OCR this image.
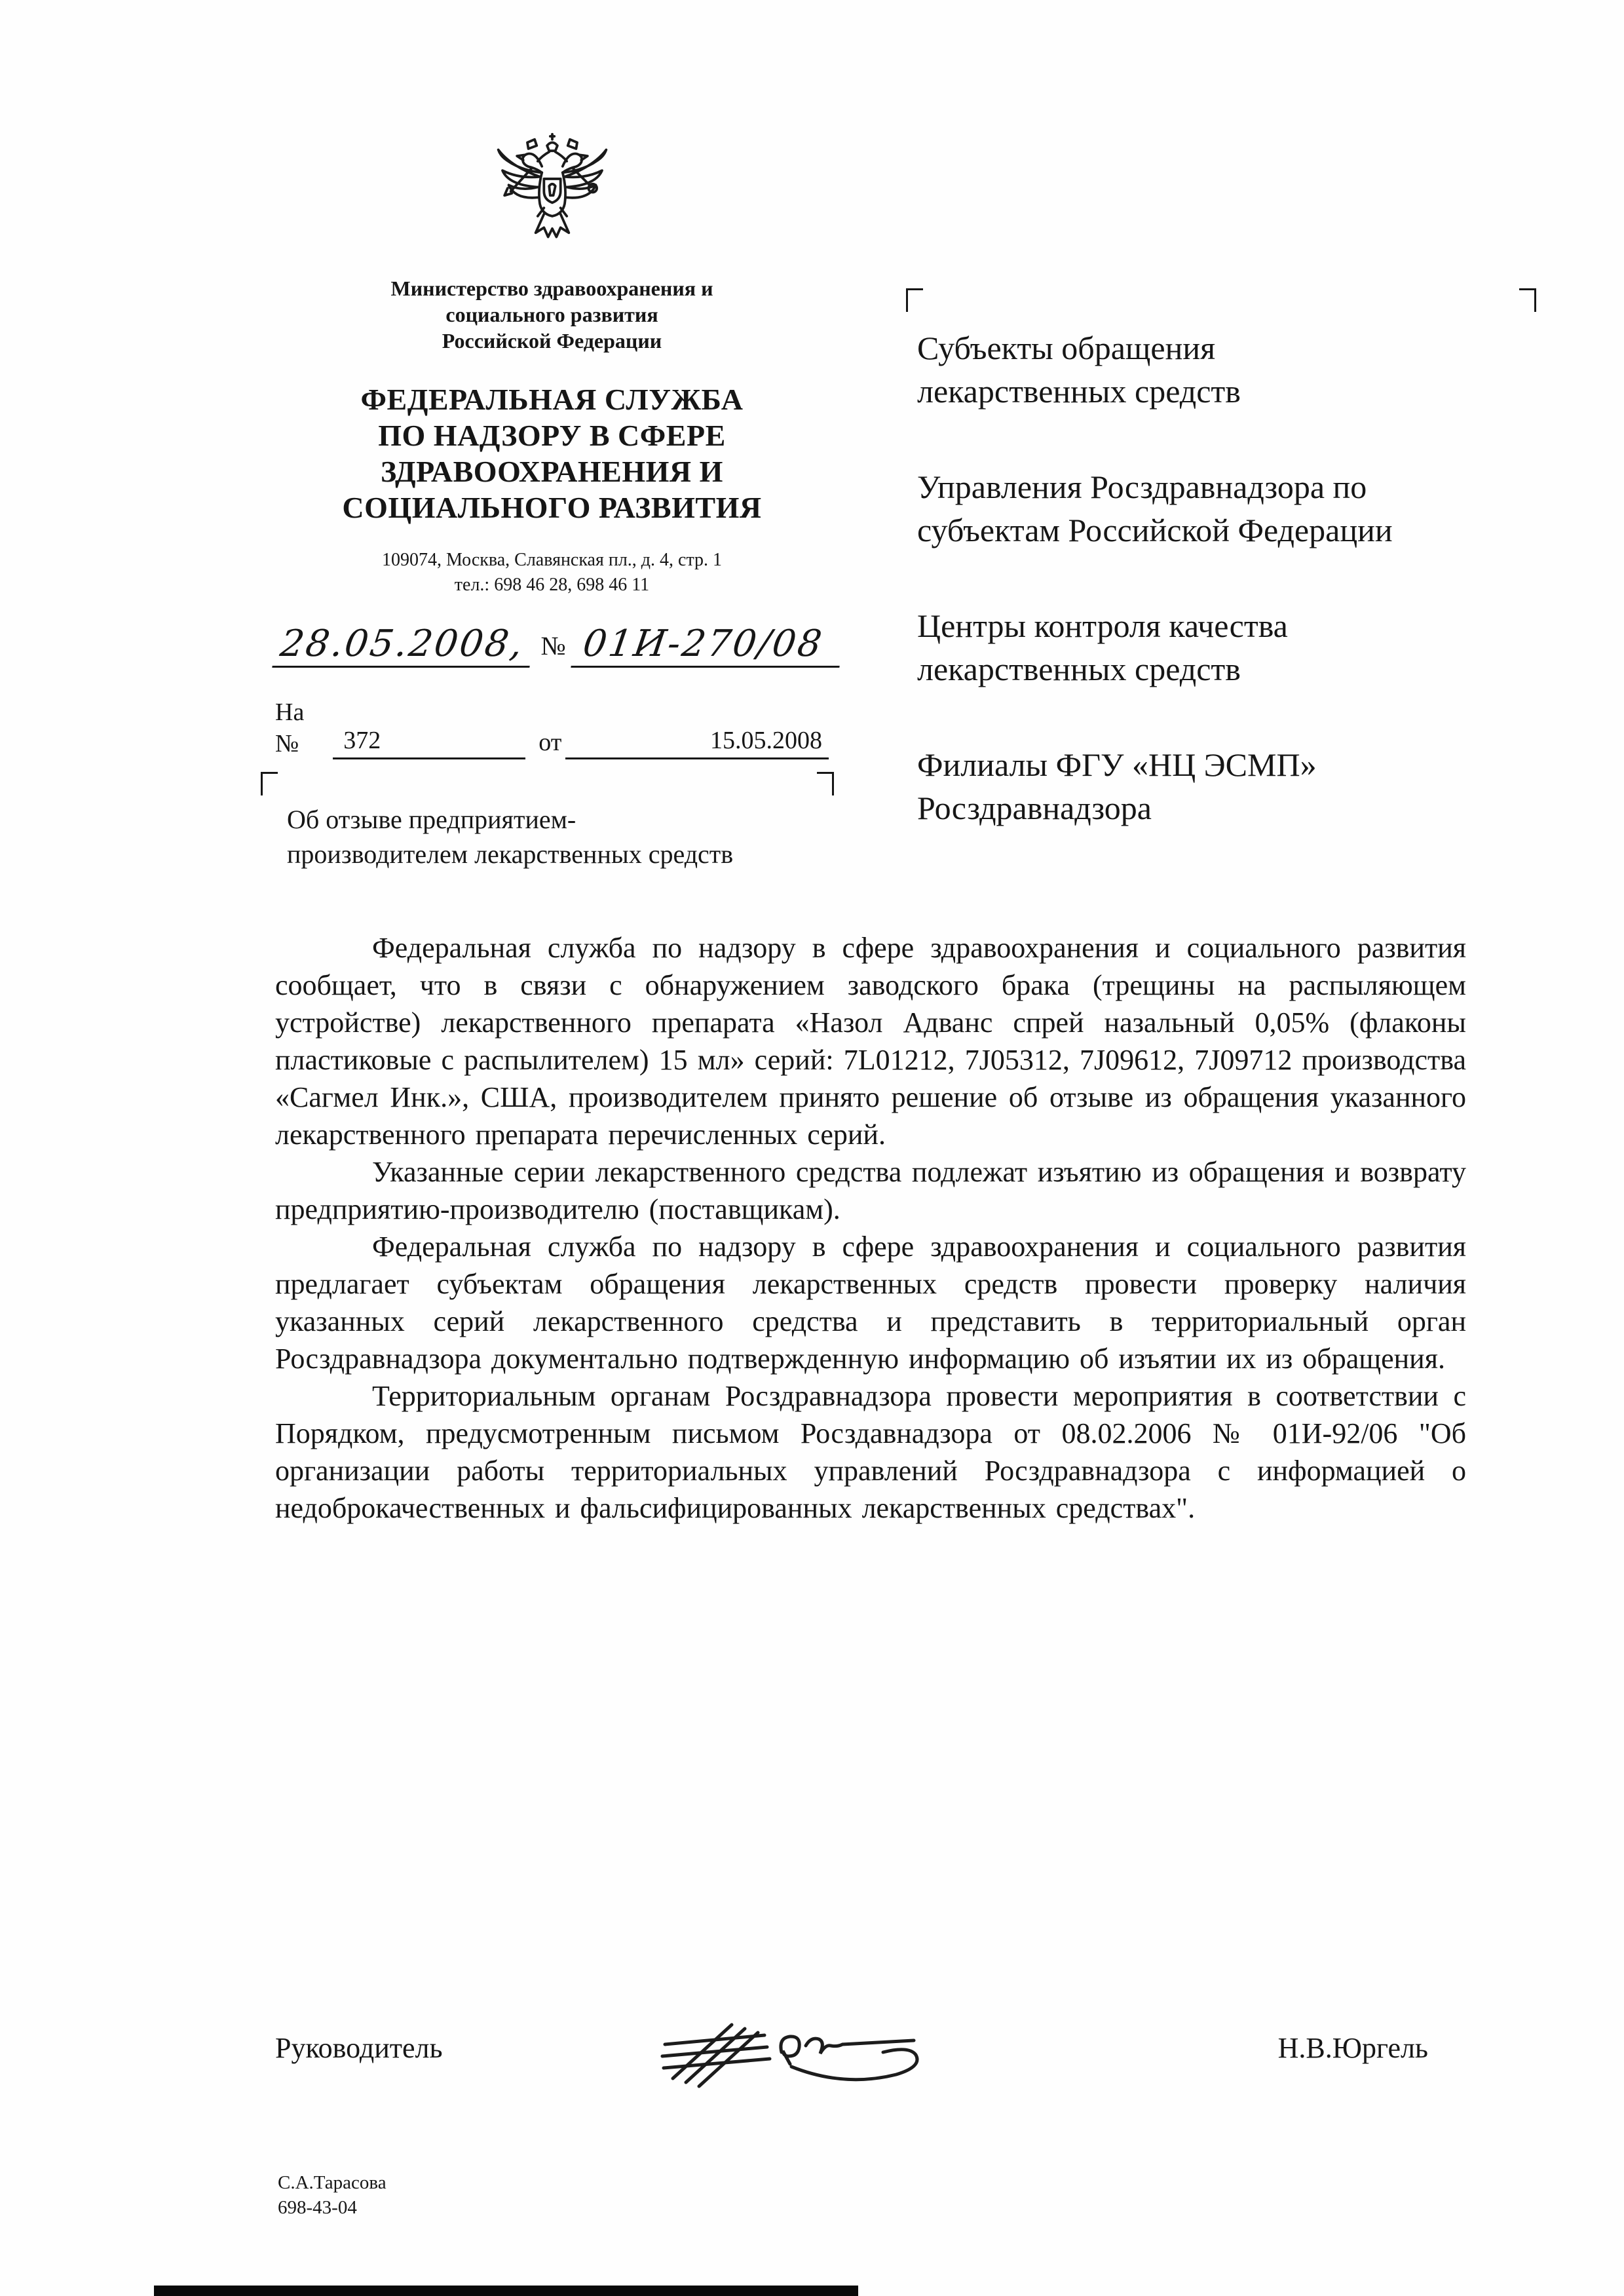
Министерство здравоохранения и
социального развития
Российской Федерации
ФЕДЕРАЛЬНАЯ СЛУЖБА
ПО НАДЗОРУ В СФЕРЕ
ЗДРАВООХРАНЕНИЯ И
СОЦИАЛЬНОГО РАЗВИТИЯ
109074, Москва, Славянская пл., д. 4, стр. 1
тел.: 698 46 28, 698 46 11
28.05.2008, № 01И-270/08
На №	372	от	15.05.2008
Об отзыве предприятием-
производителем лекарственных средств
Субъекты обращения
лекарственных средств
Управления Росздравнадзора по
субъектам Российской Федерации
Центры контроля качества
лекарственных средств
Филиалы ФГУ «НЦ ЭСМП»
Росздравнадзора

Федеральная служба по надзору в сфере здравоохранения и социального развития сообщает, что в связи с обнаружением заводского брака (трещины на распыляющем устройстве) лекарственного препарата «Назол Адванс спрей назальный 0,05% (флаконы пластиковые с распылителем) 15 мл» серий: 7L01212, 7J05312, 7J09612, 7J09712 производства «Сагмел Инк.», США, производителем принято решение об отзыве из обращения указанного лекарственного препарата перечисленных серий.

Указанные серии лекарственного средства подлежат изъятию из обращения и возврату предприятию-производителю (поставщикам).

Федеральная служба по надзору в сфере здравоохранения и социального развития предлагает субъектам обращения лекарственных средств провести проверку наличия указанных серий лекарственного средства и представить в территориальный орган Росздравнадзора документально подтвержденную информацию об изъятии их из обращения.

Территориальным органам Росздравнадзора провести мероприятия в соответствии с Порядком, предусмотренным письмом Росздавнадзора от 08.02.2006 № 01И-92/06 "Об организации работы территориальных управлений Росздравнадзора с информацией о недоброкачественных и фальсифицированных лекарственных средствах".

Руководитель	Н.В.Юргель
С.А.Тарасова
698-43-04
